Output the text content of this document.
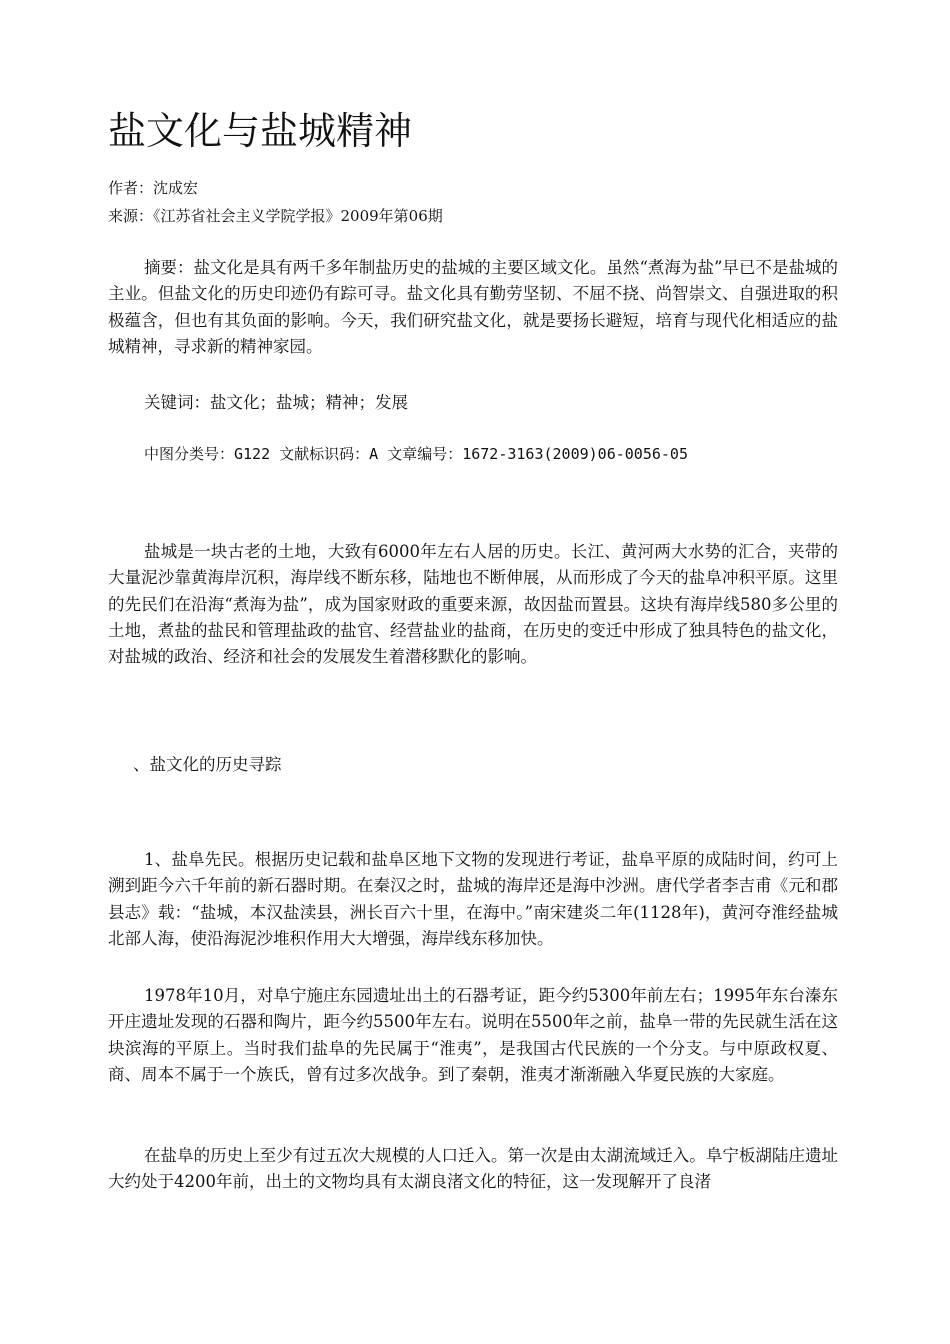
盐文化与盐城精神
作者：沈成宏
来源：《江苏省社会主义学院学报》2009年第06期

摘要：盐文化是具有两千多年制盐历史的盐城的主要区域文化。虽然“煮海为盐”早已不是盐城的主业。但盐文化的历史印迹仍有踪可寻。盐文化具有勤劳坚韧、不屈不挠、尚智崇文、自强进取的积极蕴含，但也有其负面的影响。今天，我们研究盐文化，就是要扬长避短，培育与现代化相适应的盐城精神，寻求新的精神家园。

关键词：盐文化；盐城；精神；发展
中图分类号：G122 文献标识码：A 文章编号：1672-3163(2009)06-0056-05

盐城是一块古老的土地，大致有6000年左右人居的历史。长江、黄河两大水势的汇合，夹带的大量泥沙靠黄海岸沉积，海岸线不断东移，陆地也不断伸展，从而形成了今天的盐阜冲积平原。这里的先民们在沿海“煮海为盐”，成为国家财政的重要来源，故因盐而置县。这块有海岸线580多公里的土地，煮盐的盐民和管理盐政的盐官、经营盐业的盐商，在历史的变迁中形成了独具特色的盐文化，对盐城的政治、经济和社会的发展发生着潜移默化的影响。

、盐文化的历史寻踪

1、盐阜先民。根据历史记载和盐阜区地下文物的发现进行考证，盐阜平原的成陆时间，约可上溯到距今六千年前的新石器时期。在秦汉之时，盐城的海岸还是海中沙洲。唐代学者李吉甫《元和郡县志》载：“盐城，本汉盐渎县，洲长百六十里，在海中。”南宋建炎二年(1128年)，黄河夺淮经盐城北部人海，使沿海泥沙堆积作用大大增强，海岸线东移加快。

1978年10月，对阜宁施庄东园遗址出土的石器考证，距今约5300年前左右；1995年东台溱东开庄遗址发现的石器和陶片，距今约5500年左右。说明在5500年之前，盐阜一带的先民就生活在这块滨海的平原上。当时我们盐阜的先民属于“淮夷”，是我国古代民族的一个分支。与中原政权夏、商、周本不属于一个族氏，曾有过多次战争。到了秦朝，淮夷才渐渐融入华夏民族的大家庭。

在盐阜的历史上至少有过五次大规模的人口迁入。第一次是由太湖流域迁入。阜宁板湖陆庄遗址大约处于4200年前，出土的文物均具有太湖良渚文化的特征，这一发现解开了良渚
